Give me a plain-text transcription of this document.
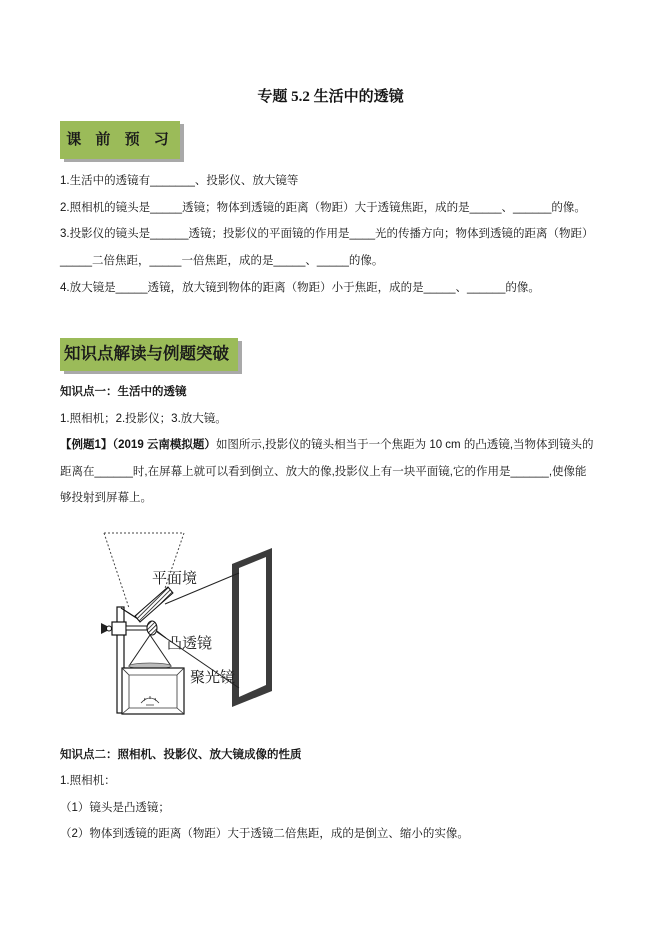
专题 5.2 生活中的透镜
课 前 预 习
1.生活中的透镜有_______、投影仪、放大镜等
2.照相机的镜头是_____透镜；物体到透镜的距离（物距）大于透镜焦距，成的是_____、______的像。
3.投影仪的镜头是______透镜；投影仪的平面镜的作用是____光的传播方向；物体到透镜的距离（物距）
_____二倍焦距，_____一倍焦距，成的是_____、_____的像。
4.放大镜是_____透镜，放大镜到物体的距离（物距）小于焦距，成的是_____、______的像。
知识点解读与例题突破
知识点一：生活中的透镜
1.照相机；2.投影仪；3.放大镜。
【例题1】（2019 云南模拟题）如图所示,投影仪的镜头相当于一个焦距为 10 cm 的凸透镜,当物体到镜头的
距离在______时,在屏幕上就可以看到倒立、放大的像,投影仪上有一块平面镜,它的作用是______,使像能
够投射到屏幕上。
平面境
凸透镜
聚光镜
知识点二：照相机、投影仪、放大镜成像的性质
1.照相机：
（1）镜头是凸透镜；
（2）物体到透镜的距离（物距）大于透镜二倍焦距，成的是倒立、缩小的实像。
